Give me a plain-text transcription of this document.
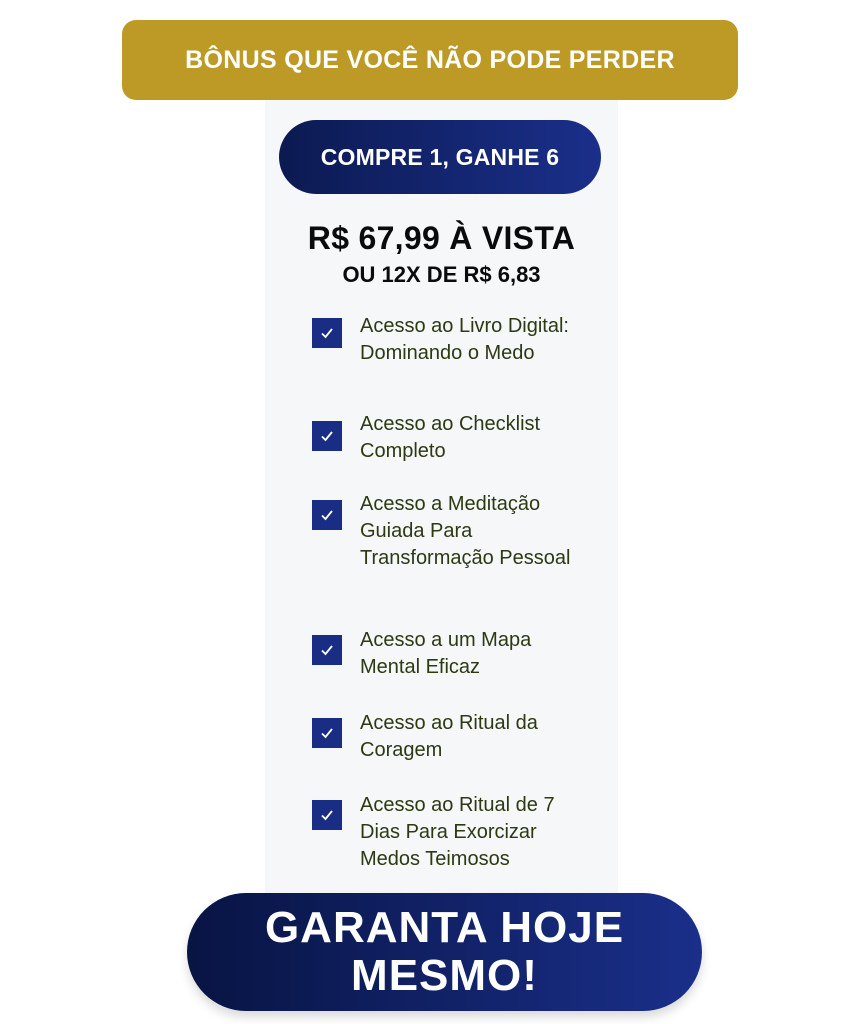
BÔNUS QUE VOCÊ NÃO PODE PERDER
COMPRE 1, GANHE 6
R$ 67,99 À VISTA
OU 12X DE R$ 6,83
Acesso ao Livro Digital: Dominando o Medo
Acesso ao Checklist Completo
Acesso a Meditação Guiada Para Transformação Pessoal
Acesso a um Mapa Mental Eficaz
Acesso ao Ritual da Coragem
Acesso ao Ritual de 7 Dias Para Exorcizar Medos Teimosos
GARANTA HOJE MESMO!
